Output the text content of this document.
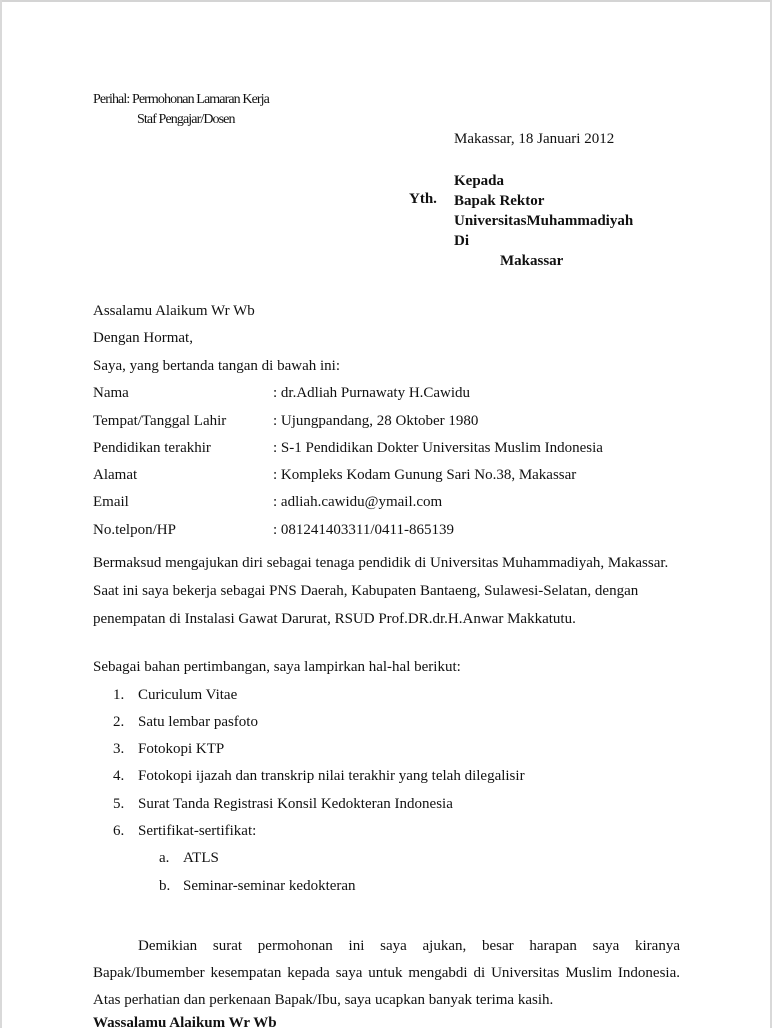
Perihal: Permohonan Lamaran Kerja
Staf Pengajar/Dosen
Makassar, 18 Januari 2012
Yth.
Kepada
Bapak Rektor
UniversitasMuhammadiyah
Di
Makassar
Assalamu Alaikum Wr Wb
Dengan Hormat,
Saya, yang bertanda tangan di bawah ini:
Nama	: dr.Adliah Purnawaty H.Cawidu
Tempat/Tanggal Lahir	: Ujungpandang, 28 Oktober 1980
Pendidikan terakhir	: S-1 Pendidikan Dokter Universitas Muslim Indonesia
Alamat	: Kompleks Kodam Gunung Sari No.38, Makassar
Email	: adliah.cawidu@ymail.com
No.telpon/HP	: 081241403311/0411-865139
Bermaksud mengajukan diri sebagai tenaga pendidik di Universitas Muhammadiyah, Makassar.
Saat ini saya bekerja sebagai PNS Daerah, Kabupaten Bantaeng, Sulawesi-Selatan, dengan
penempatan di Instalasi Gawat Darurat, RSUD Prof.DR.dr.H.Anwar Makkatutu.
Sebagai bahan pertimbangan, saya lampirkan hal-hal berikut:
1. Curiculum Vitae
2. Satu lembar pasfoto
3. Fotokopi KTP
4. Fotokopi ijazah dan transkrip nilai terakhir yang telah dilegalisir
5. Surat Tanda Registrasi Konsil Kedokteran Indonesia
6. Sertifikat-sertifikat:
a. ATLS
b. Seminar-seminar kedokteran
Demikian surat permohonan ini saya ajukan, besar harapan saya kiranya
Bapak/Ibumember kesempatan kepada saya untuk mengabdi di Universitas Muslim Indonesia.
Atas perhatian dan perkenaan Bapak/Ibu, saya ucapkan banyak terima kasih.
Wassalamu Alaikum Wr Wb
